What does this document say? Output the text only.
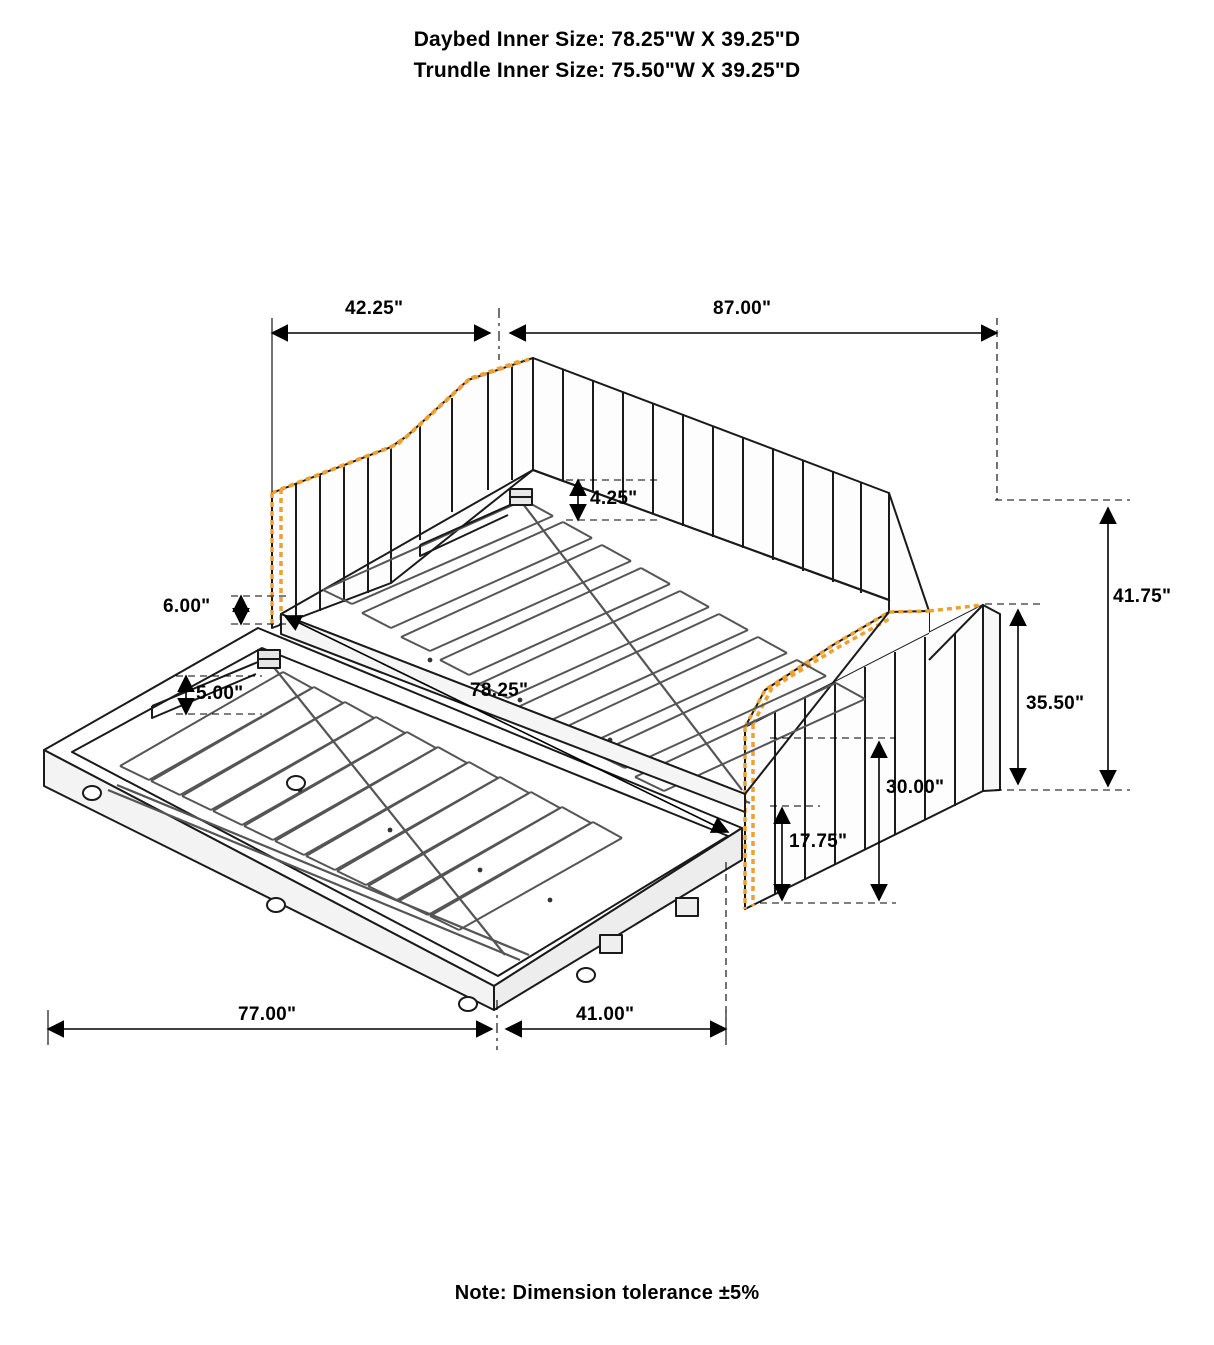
Daybed Inner Size: 78.25"W X 39.25"D
Trundle Inner Size: 75.50"W X 39.25"D
42.25"	87.00"
4.25"
6.00"
5.00"	78.25"
41.75"
35.50"
30.00"
17.75"
77.00"	41.00"
Note: Dimension tolerance ±5%
